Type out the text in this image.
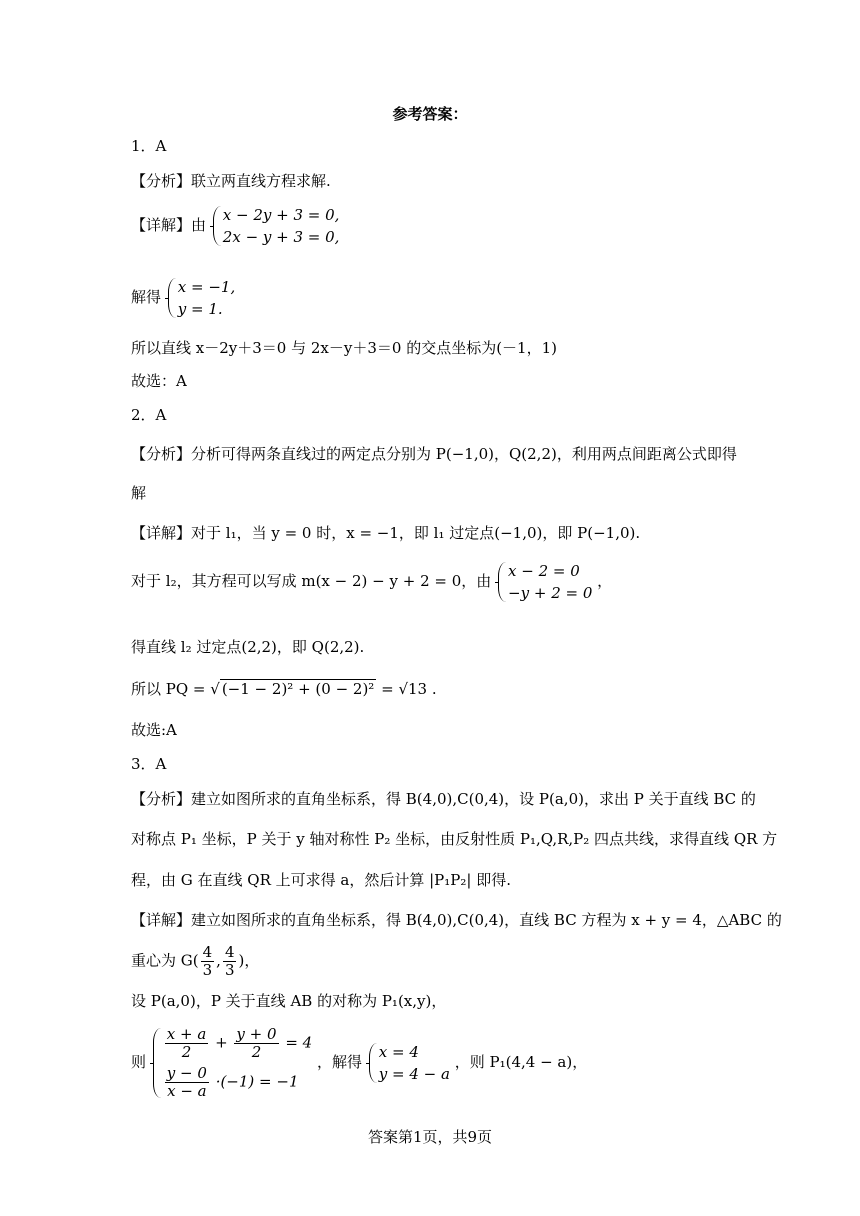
参考答案：
1．A
【分析】联立两直线方程求解.
【详解】由
x − 2y + 3 = 0,
2x − y + 3 = 0,
解得
x = −1,
y = 1.
所以直线 x－2y＋3＝0 与 2x－y＋3＝0 的交点坐标为(－1，1)
故选：A
2．A
【分析】分析可得两条直线过的两定点分别为 P(−1,0)，Q(2,2)，利用两点间距离公式即得
解
【详解】对于 l₁，当 y = 0 时，x = −1，即 l₁ 过定点(−1,0)，即 P(−1,0).
对于 l₂，其方程可以写成 m(x − 2) − y + 2 = 0，由
x − 2 = 0
−y + 2 = 0
，
得直线 l₂ 过定点(2,2)，即 Q(2,2).
所以 PQ = √ (−1 − 2)² + (0 − 2)² = √13 .
故选:A
3．A
【分析】建立如图所求的直角坐标系，得 B(4,0),C(0,4)，设 P(a,0)，求出 P 关于直线 BC 的
对称点 P₁ 坐标，P 关于 y 轴对称性 P₂ 坐标，由反射性质 P₁,Q,R,P₂ 四点共线，求得直线 QR 方
程，由 G 在直线 QR 上可求得 a，然后计算 |P₁P₂| 即得.
【详解】建立如图所求的直角坐标系，得 B(4,0),C(0,4)，直线 BC 方程为 x + y = 4，△ABC 的
重心为 $G( \frac{4}{3}$ , $\frac{4}{3}$ )，
设 P(a,0)，P 关于直线 AB 的对称为 P₁(x,y)，
则
$\frac{x + a}{2} + \frac{y + 0}{2} = 4$
$\frac{y - 0}{x - a} \cdot(-1) = -1$
，解得
x = 4
y = 4 − a
，则 P₁(4,4 − a)，
答案第1页，共9页
